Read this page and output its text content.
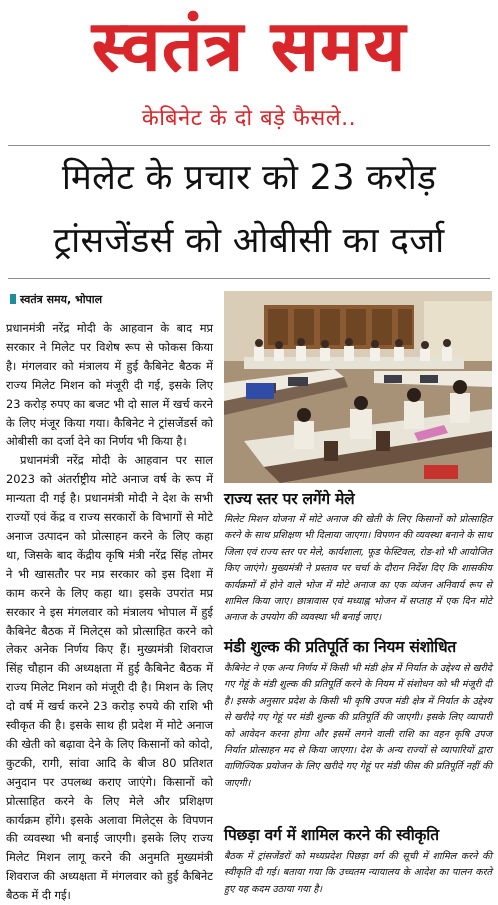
स्वतंत्र समय
केबिनेट के दो बड़े फैसले..
मिलेट के प्रचार को 23 करोड़
ट्रांसजेंडर्स को ओबीसी का दर्जा
स्वतंत्र समय, भोपाल

प्रधानमंत्री नरेंद्र मोदी के आहवान के बाद मप्र सरकार ने मिलेट पर विशेष रूप से फोकस किया है। मंगलवार को मंत्रालय में हुई कैबिनेट बैठक में राज्य मिलेट मिशन को मंजूरी दी गई, इसके लिए 23 करोड़ रुपए का बजट भी दो साल में खर्च करने के लिए मंजूर किया गया। कैबिनेट ने ट्रांसजेंडर्स को ओबीसी का दर्जा देने का निर्णय भी किया है।

प्रधानमंत्री नरेंद्र मोदी के आहवान पर साल 2023 को अंतर्राष्ट्रीय मोटे अनाज वर्ष के रूप में मान्यता दी गई है। प्रधानमंत्री मोदी ने देश के सभी राज्यों एवं केंद्र व राज्य सरकारों के विभागों से मोटे अनाज उत्पादन को प्रोत्साहन करने के लिए कहा था, जिसके बाद केंद्रीय कृषि मंत्री नरेंद्र सिंह तोमर ने भी खासतौर पर मप्र सरकार को इस दिशा में काम करने के लिए कहा था। इसके उपरांत मप्र सरकार ने इस मंगलवार को मंत्रालय भोपाल में हुई कैबिनेट बैठक में मिलेट्स को प्रोत्साहित करने को लेकर अनेक निर्णय किए हैं। मुख्यमंत्री शिवराज सिंह चौहान की अध्यक्षता में हुई कैबिनेट बैठक में राज्य मिलेट मिशन को मंजूरी दी है। मिशन के लिए दो वर्ष में खर्च करने 23 करोड़ रुपये की राशि भी स्वीकृत की है। इसके साथ ही प्रदेश में मोटे अनाज की खेती को बढ़ावा देने के लिए किसानों को कोदो, कुटकी, रागी, सांवा आदि के बीज 80 प्रतिशत अनुदान पर उपलब्ध कराए जाएंगे। किसानों को प्रोत्साहित करने के लिए मेले और प्रशिक्षण कार्यक्रम होंगे। इसके अलावा मिलेट्स के विपणन की व्यवस्था भी बनाई जाएगी। इसके लिए राज्य मिलेट मिशन लागू करने की अनुमति मुख्यमंत्री शिवराज की अध्यक्षता में मंगलवार को हुई कैबिनेट बैठक में दी गई।

राज्य स्तर पर लगेंगे मेले
मिलेट मिशन योजना में मोटे अनाज की खेती के लिए किसानों को प्रोत्साहित करने के साथ प्रशिक्षण भी दिलाया जाएगा। विपणन की व्यवस्था बनाने के साथ जिला एवं राज्य स्तर पर मेले, कार्यशाला, फूड फेस्टिवल, रोड-शो भी आयोजित किए जाएंगे। मुख्यमंत्री ने प्रस्ताव पर चर्चा के दौरान निर्देश दिए कि शासकीय कार्यक्रमों में होने वाले भोज में मोटे अनाज का एक व्यंजन अनिवार्य रूप से शामिल किया जाए। छात्रावास एवं मध्याह्न भोजन में सप्ताह में एक दिन मोटे अनाज के उपयोग की व्यवस्था भी बनाई जाए।
मंडी शुल्क की प्रतिपूर्ति का नियम संशोधित
कैबिनेट ने एक अन्य निर्णय में किसी भी मंडी क्षेत्र में निर्यात के उद्देश्य से खरीदे गए गेहूं के मंडी शुल्क की प्रतिपूर्ति करने के नियम में संशोधन को भी मंजूरी दी है। इसके अनुसार प्रदेश के किसी भी कृषि उपज मंडी क्षेत्र में निर्यात के उद्देश्य से खरीदे गए गेहूं पर मंडी शुल्क की प्रतिपूर्ति की जाएगी। इसके लिए व्यापारी को आवेदन करना होगा और इसमें लगने वाली राशि का वहन कृषि उपज निर्यात प्रोत्साहन मद से किया जाएगा। देश के अन्य राज्यों से व्यापारियों द्वारा वाणिज्यिक प्रयोजन के लिए खरीदे गए गेहूं पर मंडी फीस की प्रतिपूर्ति नहीं की जाएगी।
पिछड़ा वर्ग में शामिल करने की स्वीकृति
बैठक में ट्रांसजेंडरों को मध्यप्रदेश पिछड़ा वर्ग की सूची में शामिल करने की स्वीकृति दी गई। बताया गया कि उच्चतम न्यायालय के आदेश का पालन करते हुए यह कदम उठाया गया है।
